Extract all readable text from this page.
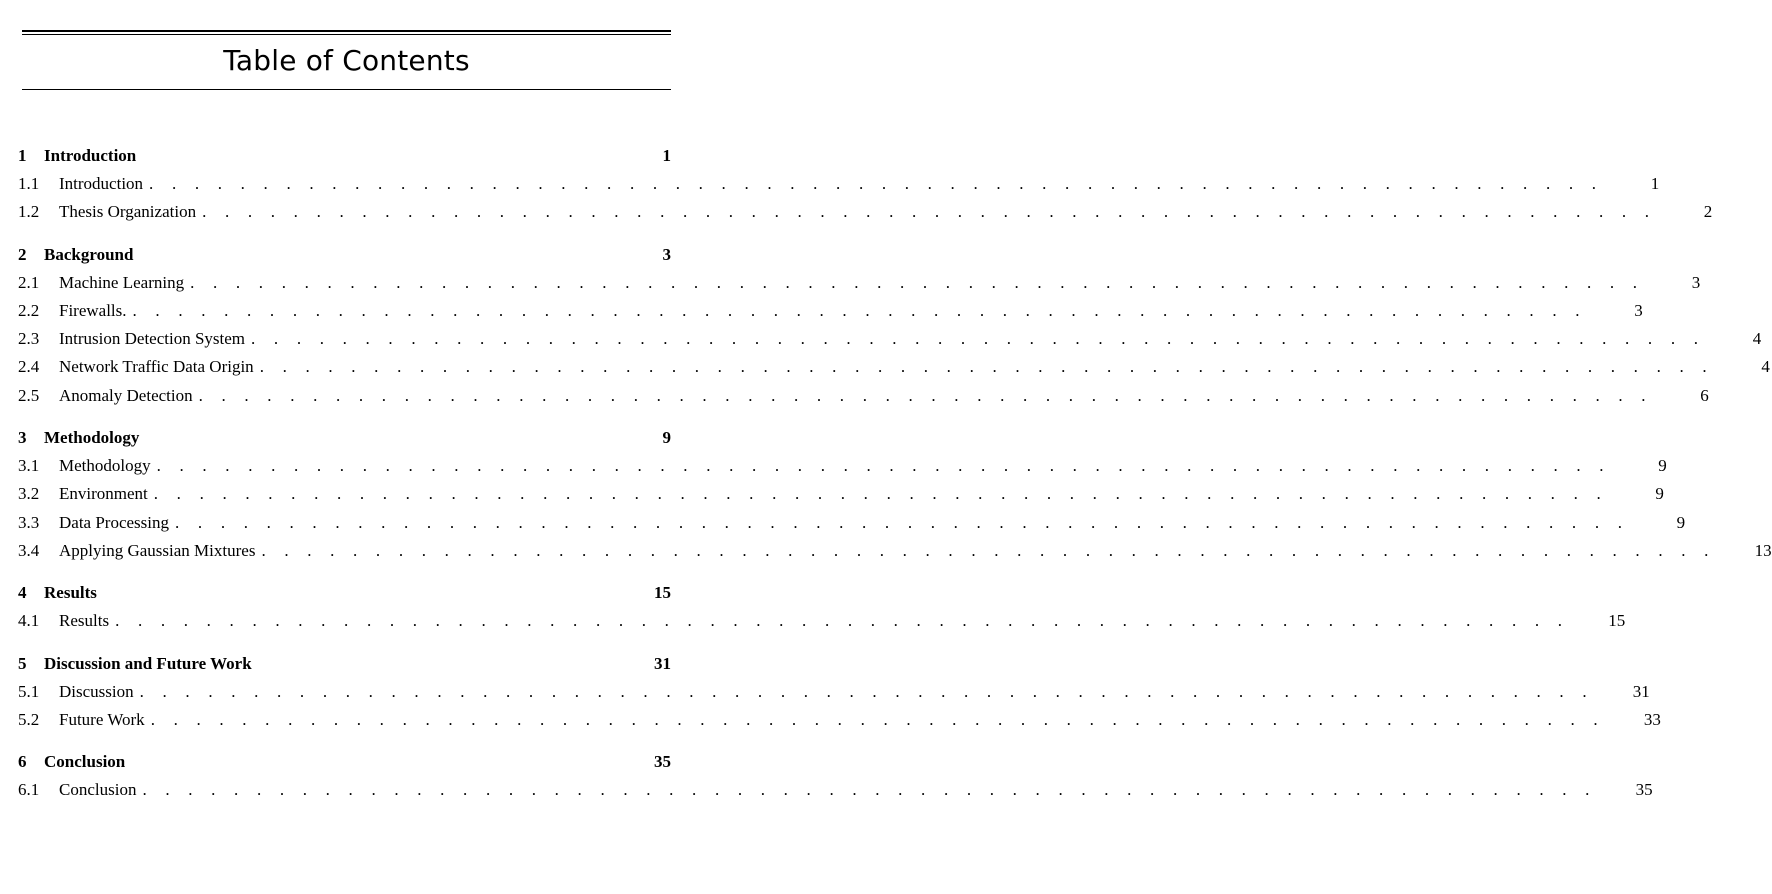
Table of Contents
1	Introduction	1
1.1	Introduction . . . . . . . . . . . . . . . . . . . . . . . . . . . . . . . . . . . . . . . . . . . . . . . . . . . . . . . . . . . . . . . .	1
1.2	Thesis Organization . . . . . . . . . . . . . . . . . . . . . . . . . . . . . . . . . . . . . . . . . . . . . . . . . . . . . . . . . . . . . . . .	2
2	Background	3
2.1	Machine Learning . . . . . . . . . . . . . . . . . . . . . . . . . . . . . . . . . . . . . . . . . . . . . . . . . . . . . . . . . . . . . . . .	3
2.2	Firewalls. . . . . . . . . . . . . . . . . . . . . . . . . . . . . . . . . . . . . . . . . . . . . . . . . . . . . . . . . . . . . . . . .	3
2.3	Intrusion Detection System . . . . . . . . . . . . . . . . . . . . . . . . . . . . . . . . . . . . . . . . . . . . . . . . . . . . . . . . . . . . . . . .	4
2.4	Network Traffic Data Origin . . . . . . . . . . . . . . . . . . . . . . . . . . . . . . . . . . . . . . . . . . . . . . . . . . . . . . . . . . . . . . . .	4
2.5	Anomaly Detection . . . . . . . . . . . . . . . . . . . . . . . . . . . . . . . . . . . . . . . . . . . . . . . . . . . . . . . . . . . . . . . .	6
3	Methodology	9
3.1	Methodology . . . . . . . . . . . . . . . . . . . . . . . . . . . . . . . . . . . . . . . . . . . . . . . . . . . . . . . . . . . . . . . .	9
3.2	Environment . . . . . . . . . . . . . . . . . . . . . . . . . . . . . . . . . . . . . . . . . . . . . . . . . . . . . . . . . . . . . . . .	9
3.3	Data Processing . . . . . . . . . . . . . . . . . . . . . . . . . . . . . . . . . . . . . . . . . . . . . . . . . . . . . . . . . . . . . . . .	9
3.4	Applying Gaussian Mixtures . . . . . . . . . . . . . . . . . . . . . . . . . . . . . . . . . . . . . . . . . . . . . . . . . . . . . . . . . . . . . . . . 13
4	Results	15
4.1	Results . . . . . . . . . . . . . . . . . . . . . . . . . . . . . . . . . . . . . . . . . . . . . . . . . . . . . . . . . . . . . . . . 15
5	Discussion and Future Work	31
5.1	Discussion . . . . . . . . . . . . . . . . . . . . . . . . . . . . . . . . . . . . . . . . . . . . . . . . . . . . . . . . . . . . . . . . 31
5.2	Future Work . . . . . . . . . . . . . . . . . . . . . . . . . . . . . . . . . . . . . . . . . . . . . . . . . . . . . . . . . . . . . . . . 33
6	Conclusion	35
6.1	Conclusion . . . . . . . . . . . . . . . . . . . . . . . . . . . . . . . . . . . . . . . . . . . . . . . . . . . . . . . . . . . . . . . . 35
